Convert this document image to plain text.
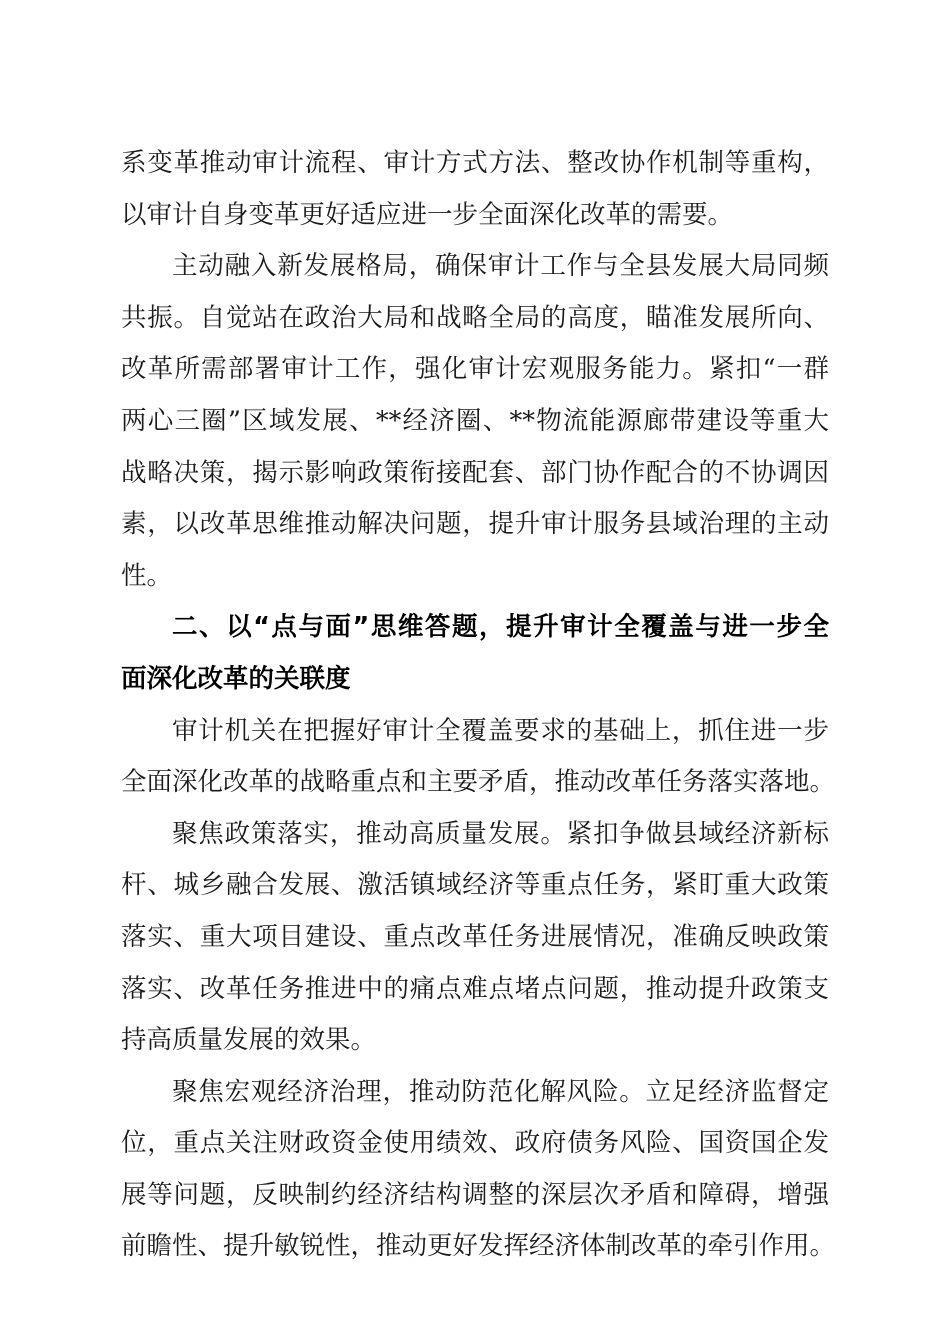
系变革推动审计流程、审计方式方法、整改协作机制等重构，
以审计自身变革更好适应进一步全面深化改革的需要。
主动融入新发展格局，确保审计工作与全县发展大局同频
共振。自觉站在政治大局和战略全局的高度，瞄准发展所向、
改革所需部署审计工作，强化审计宏观服务能力。紧扣“一群
两心三圈”区域发展、**经济圈、**物流能源廊带建设等重大
战略决策，揭示影响政策衔接配套、部门协作配合的不协调因
素，以改革思维推动解决问题，提升审计服务县域治理的主动
性。
二、以“点与面”思维答题，提升审计全覆盖与进一步全
面深化改革的关联度
审计机关在把握好审计全覆盖要求的基础上，抓住进一步
全面深化改革的战略重点和主要矛盾，推动改革任务落实落地。
聚焦政策落实，推动高质量发展。紧扣争做县域经济新标
杆、城乡融合发展、激活镇域经济等重点任务，紧盯重大政策
落实、重大项目建设、重点改革任务进展情况，准确反映政策
落实、改革任务推进中的痛点难点堵点问题，推动提升政策支
持高质量发展的效果。
聚焦宏观经济治理，推动防范化解风险。立足经济监督定
位，重点关注财政资金使用绩效、政府债务风险、国资国企发
展等问题，反映制约经济结构调整的深层次矛盾和障碍，增强
前瞻性、提升敏锐性，推动更好发挥经济体制改革的牵引作用。
